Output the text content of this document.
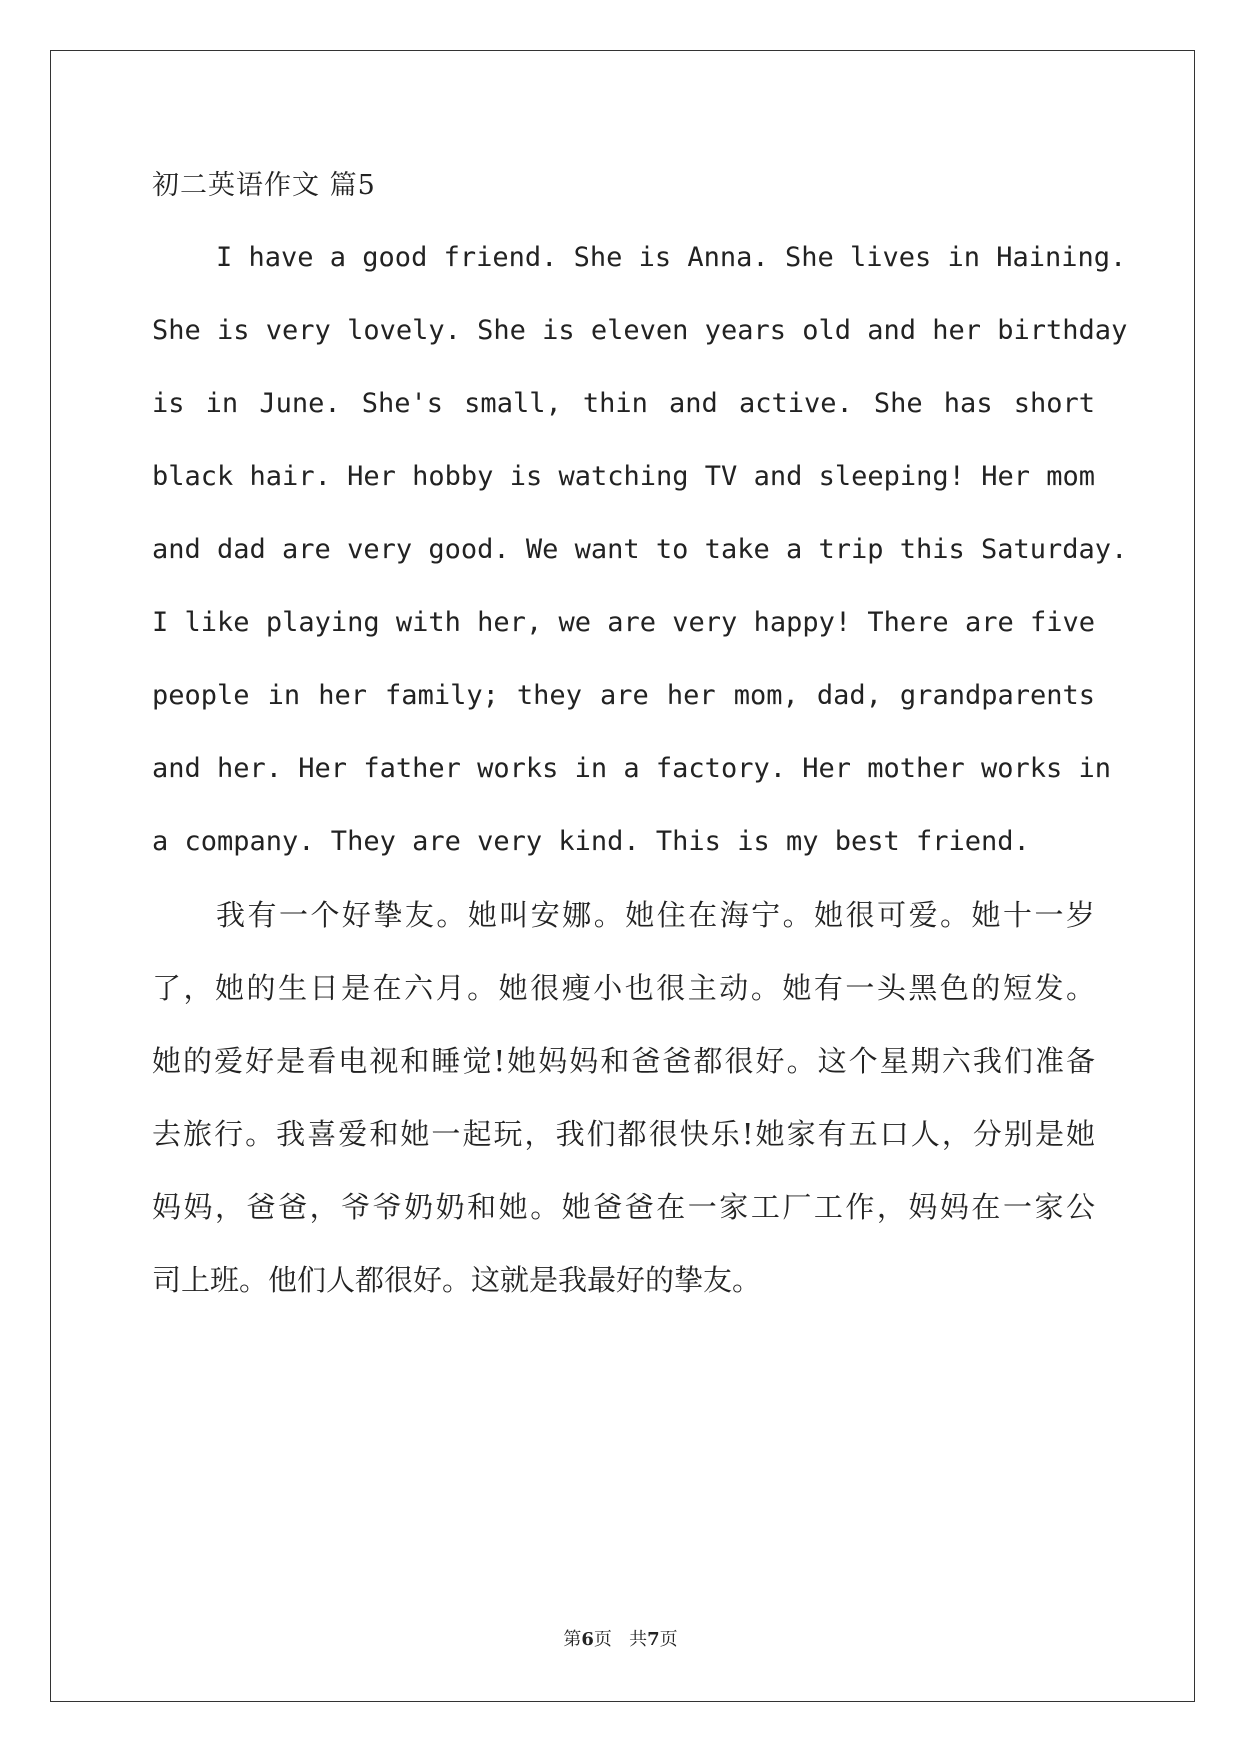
初二英语作文 篇5
I have a good friend. She is Anna. She lives in Haining.
She is very lovely. She is eleven years old and her birthday
is in June. She's small, thin and active. She has short
black hair. Her hobby is watching TV and sleeping! Her mom
and dad are very good. We want to take a trip this Saturday.
I like playing with her, we are very happy! There are five
people in her family; they are her mom, dad, grandparents
and her. Her father works in a factory. Her mother works in
a company. They are very kind. This is my best friend.
我有一个好挚友。她叫安娜。她住在海宁。她很可爱。她十一岁
了，她的生日是在六月。她很瘦小也很主动。她有一头黑色的短发。
她的爱好是看电视和睡觉!她妈妈和爸爸都很好。这个星期六我们准备
去旅行。我喜爱和她一起玩，我们都很快乐!她家有五口人，分别是她
妈妈，爸爸，爷爷奶奶和她。她爸爸在一家工厂工作，妈妈在一家公
司上班。他们人都很好。这就是我最好的挚友。
第6页 共7页
